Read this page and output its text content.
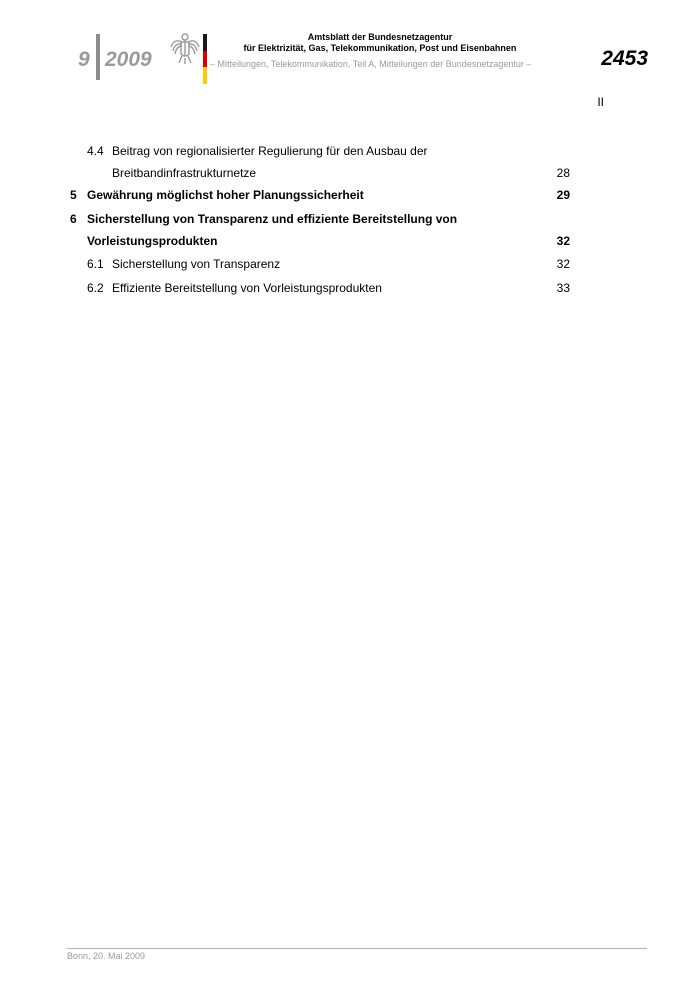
9 2009
Amtsblatt der Bundesnetzagentur
für Elektrizität, Gas, Telekommunikation, Post und Eisenbahnen
– Mitteilungen, Telekommunikation, Teil A, Mitteilungen der Bundesnetzagentur –	2453
II
4.4 Beitrag von regionalisierter Regulierung für den Ausbau der
Breitbandinfrastrukturnetze	28
5 Gewährung möglichst hoher Planungssicherheit	29
6 Sicherstellung von Transparenz und effiziente Bereitstellung von
Vorleistungsprodukten	32
6.1 Sicherstellung von Transparenz	32
6.2 Effiziente Bereitstellung von Vorleistungsprodukten	33
Bonn, 20. Mai 2009
